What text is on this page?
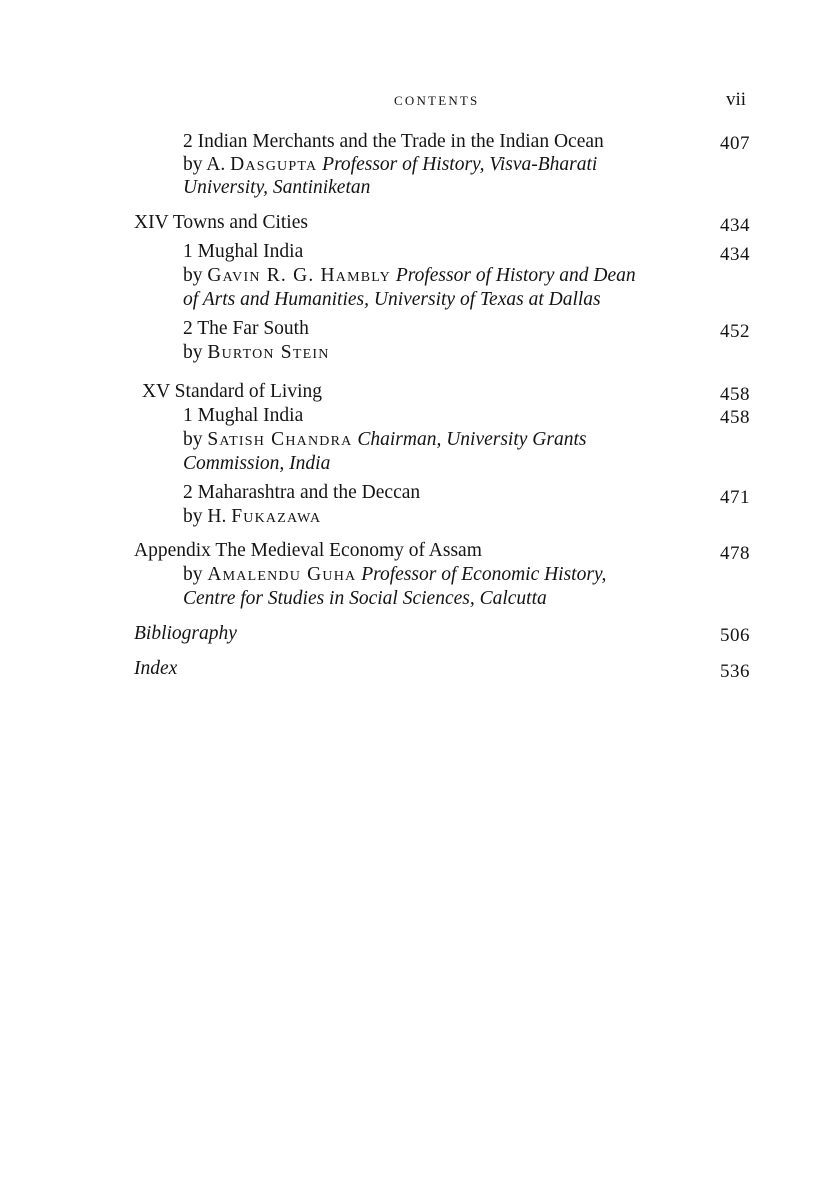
CONTENTS	vii
2 Indian Merchants and the Trade in the Indian Ocean	407
by A. Dasgupta Professor of History, Visva-Bharati
University, Santiniketan
XIV Towns and Cities	434
1 Mughal India	434
by Gavin R. G. Hambly Professor of History and Dean
of Arts and Humanities, University of Texas at Dallas
2 The Far South	452
by Burton Stein
XV Standard of Living	458
1 Mughal India	458
by Satish Chandra Chairman, University Grants
Commission, India
2 Maharashtra and the Deccan	471
by H. Fukazawa
Appendix The Medieval Economy of Assam	478
by Amalendu Guha Professor of Economic History,
Centre for Studies in Social Sciences, Calcutta
Bibliography	506
Index	536
